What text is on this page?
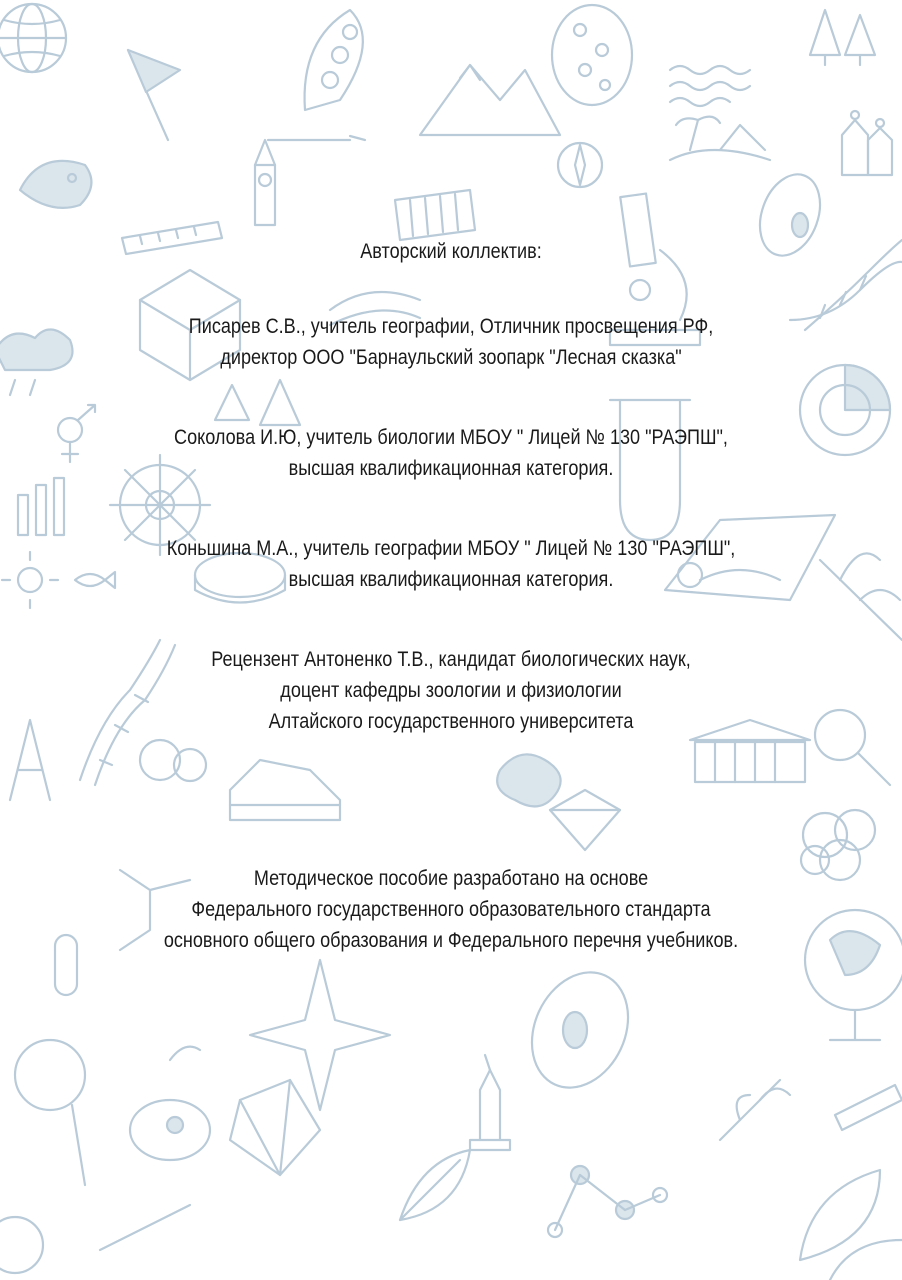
Авторский коллектив:
Писарев С.В., учитель географии, Отличник просвещения РФ,
директор ООО "Барнаульский зоопарк "Лесная сказка"
Соколова И.Ю, учитель биологии МБОУ " Лицей № 130 "РАЭПШ",
высшая квалификационная категория.
Коньшина М.А., учитель географии МБОУ " Лицей № 130 "РАЭПШ",
высшая квалификационная категория.
Рецензент Антоненко Т.В., кандидат биологических наук,
доцент кафедры зоологии и физиологии
Алтайского государственного университета
Методическое пособие разработано на основе
Федерального государственного образовательного стандарта
основного общего образования и Федерального перечня учебников.
